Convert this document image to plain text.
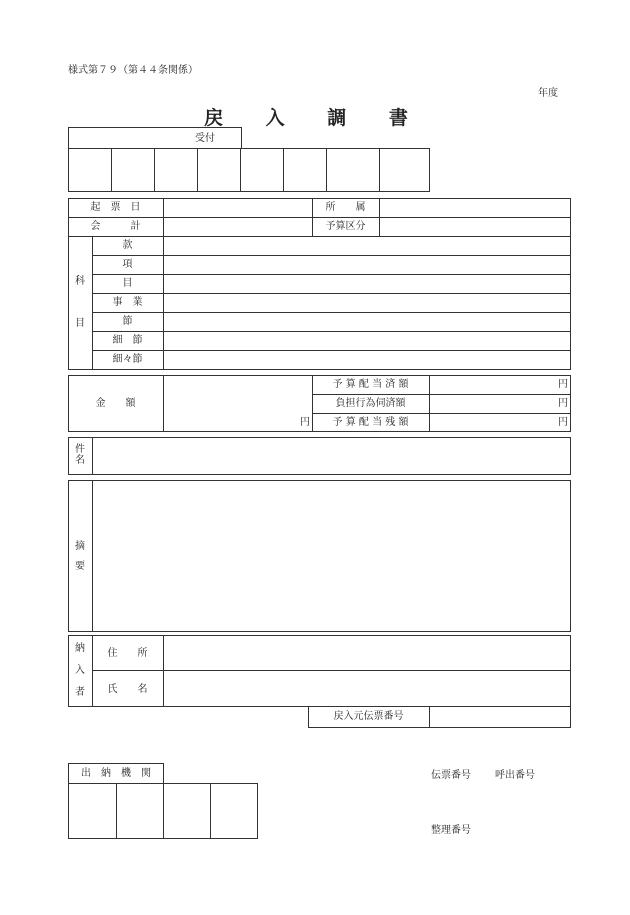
様式第７９（第４４条関係）
年度
戻 入 調 書
受付
起　票　日	所　　属
会　　　計	予算区分
科
目
款
項
目
事　業
節
細　節
細々節
金　　額
円
予 算 配 当 済 額	円
負担行為伺済額	円
予 算 配 当 残 額	円
件
名
摘
要
納
入
者
住　　所
氏　　名
戻入元伝票番号
出　納　機　関	伝票番号 呼出番号
整理番号
